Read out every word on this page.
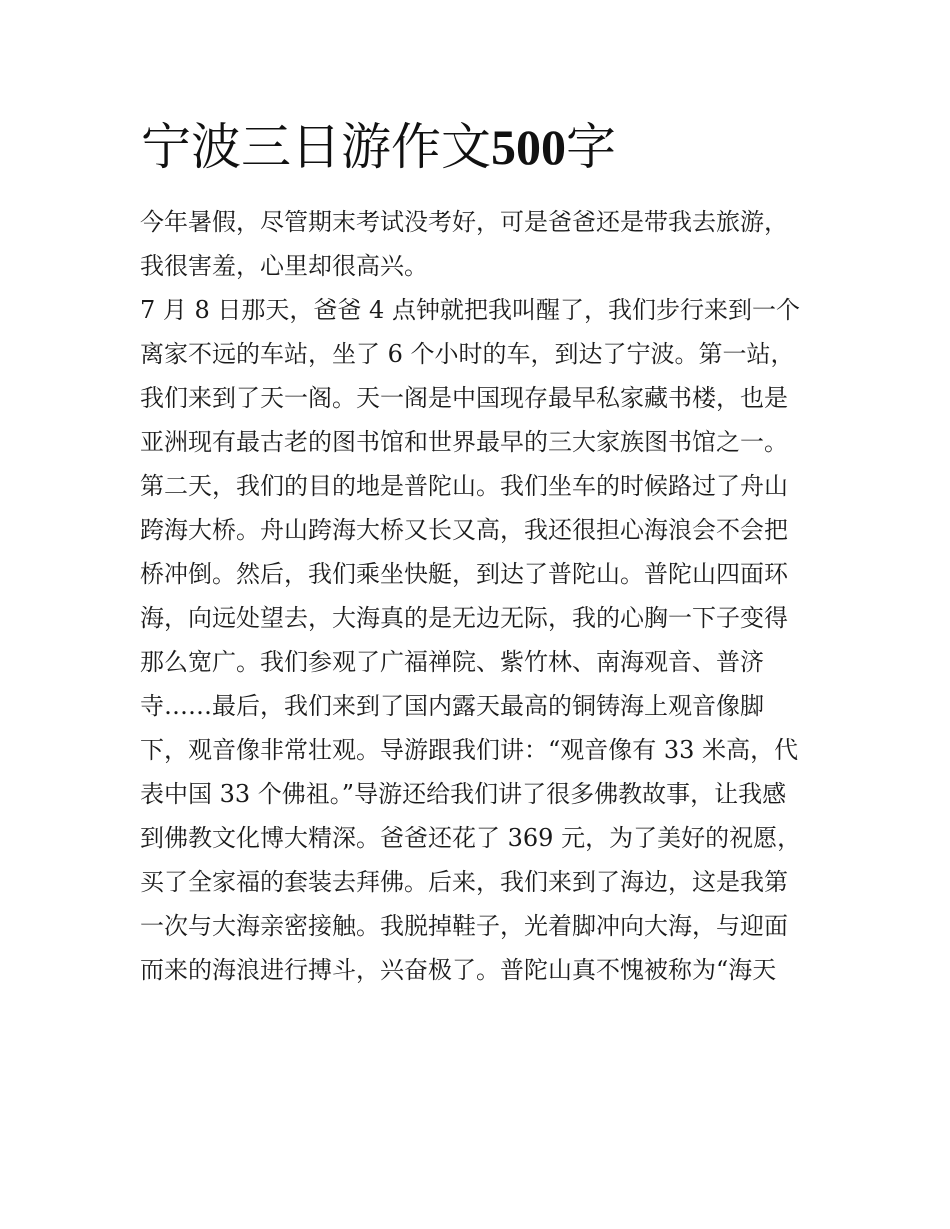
宁波三日游作文500字
今年暑假，尽管期末考试没考好，可是爸爸还是带我去旅游，
我很害羞，心里却很高兴。
7 月 8 日那天，爸爸 4 点钟就把我叫醒了，我们步行来到一个
离家不远的车站，坐了 6 个小时的车，到达了宁波。第一站，
我们来到了天一阁。天一阁是中国现存最早私家藏书楼，也是
亚洲现有最古老的图书馆和世界最早的三大家族图书馆之一。
第二天，我们的目的地是普陀山。我们坐车的时候路过了舟山
跨海大桥。舟山跨海大桥又长又高，我还很担心海浪会不会把
桥冲倒。然后，我们乘坐快艇，到达了普陀山。普陀山四面环
海，向远处望去，大海真的是无边无际，我的心胸一下子变得
那么宽广。我们参观了广福禅院、紫竹林、南海观音、普济
寺……最后，我们来到了国内露天最高的铜铸海上观音像脚
下，观音像非常壮观。导游跟我们讲：“观音像有 33 米高，代
表中国 33 个佛祖。”导游还给我们讲了很多佛教故事，让我感
到佛教文化博大精深。爸爸还花了 369 元，为了美好的祝愿，
买了全家福的套装去拜佛。后来，我们来到了海边，这是我第
一次与大海亲密接触。我脱掉鞋子，光着脚冲向大海，与迎面
而来的海浪进行搏斗，兴奋极了。普陀山真不愧被称为“海天
